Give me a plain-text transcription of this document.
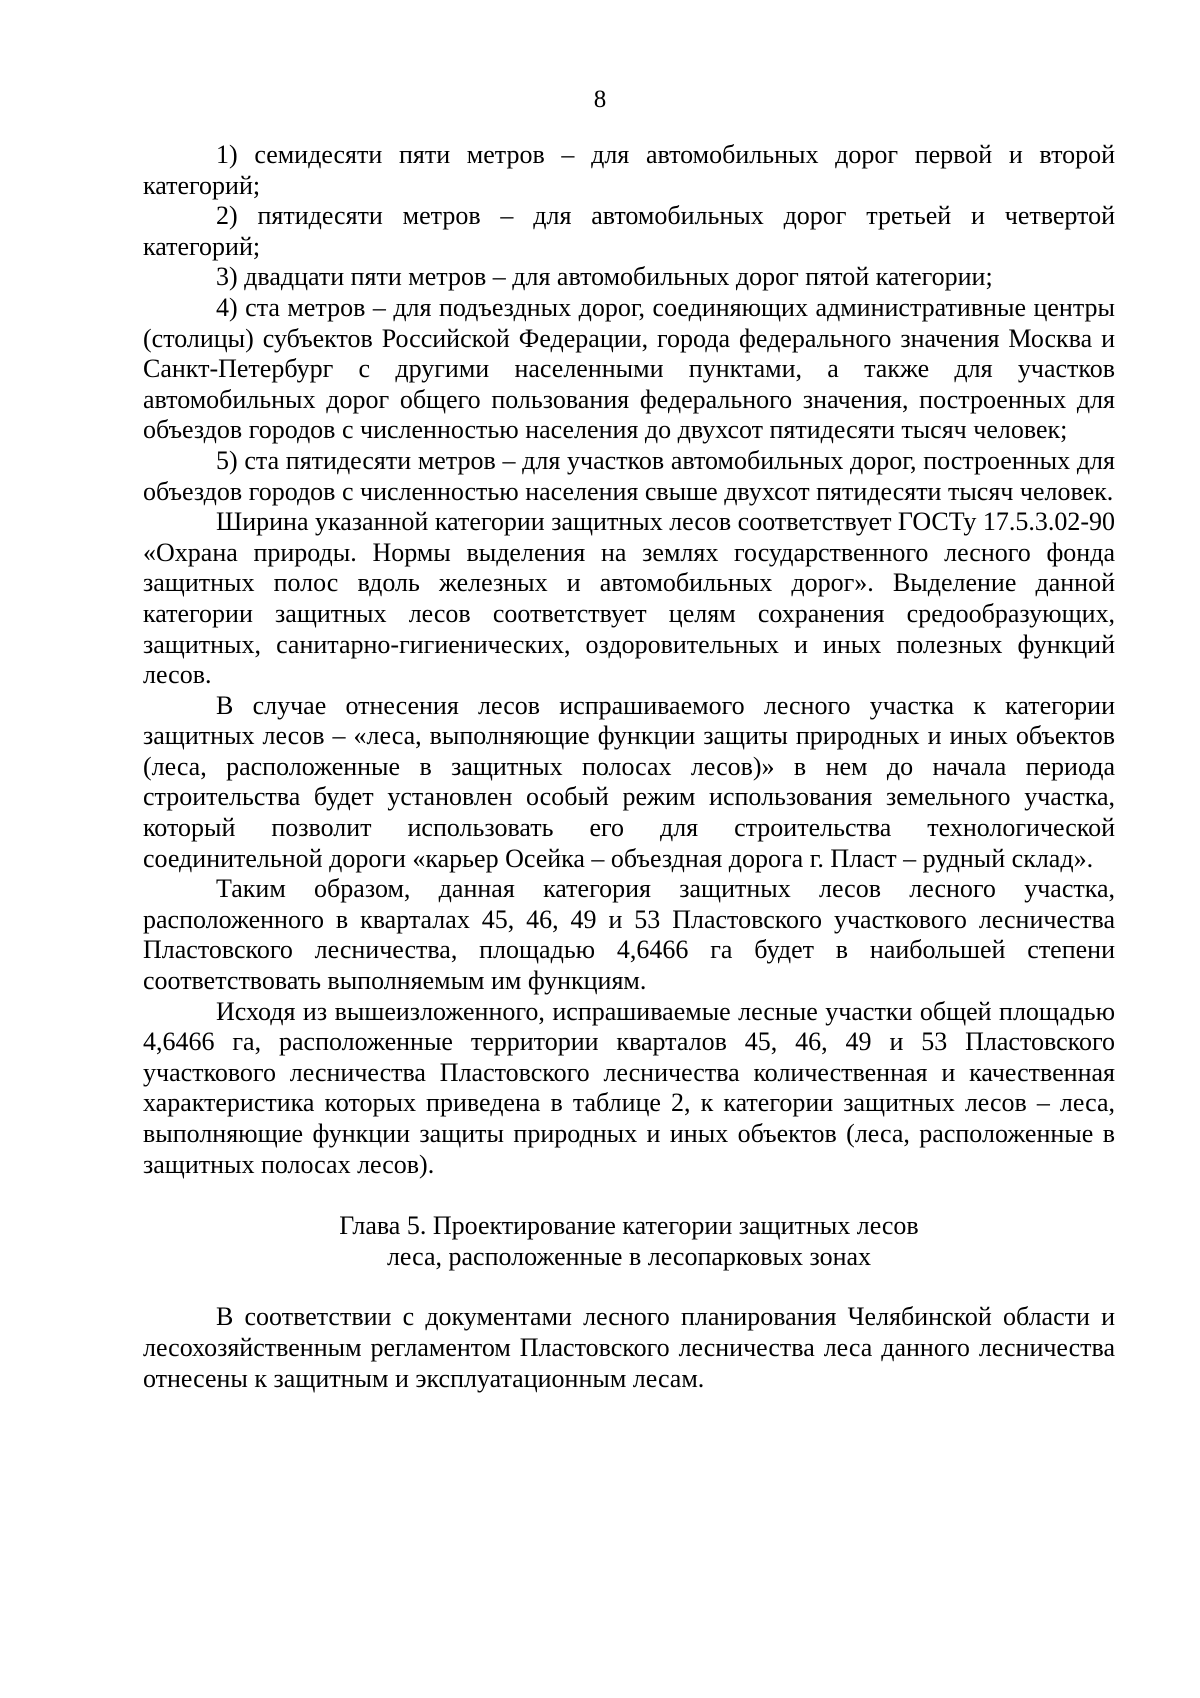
8

1) семидесяти пяти метров – для автомобильных дорог первой и второй категорий;

2) пятидесяти метров – для автомобильных дорог третьей и четвертой категорий;

3) двадцати пяти метров – для автомобильных дорог пятой категории;

4) ста метров – для подъездных дорог, соединяющих административные центры (столицы) субъектов Российской Федерации, города федерального значения Москва и Санкт-Петербург с другими населенными пунктами, а также для участков автомобильных дорог общего пользования федерального значения, построенных для объездов городов с численностью населения до двухсот пятидесяти тысяч человек;

5) ста пятидесяти метров – для участков автомобильных дорог, построенных для объездов городов с численностью населения свыше двухсот пятидесяти тысяч человек.

Ширина указанной категории защитных лесов соответствует ГОСТу 17.5.3.02-90 «Охрана природы. Нормы выделения на землях государственного лесного фонда защитных полос вдоль железных и автомобильных дорог». Выделение данной категории защитных лесов соответствует целям сохранения средообразующих, защитных, санитарно-гигиенических, оздоровительных и иных полезных функций лесов.

В случае отнесения лесов испрашиваемого лесного участка к категории защитных лесов – «леса, выполняющие функции защиты природных и иных объектов (леса, расположенные в защитных полосах лесов)» в нем до начала периода строительства будет установлен особый режим использования земельного участка, который позволит использовать его для строительства технологической соединительной дороги «карьер Осейка – объездная дорога г. Пласт – рудный склад».

Таким образом, данная категория защитных лесов лесного участка, расположенного в кварталах 45, 46, 49 и 53 Пластовского участкового лесничества Пластовского лесничества, площадью 4,6466 га будет в наибольшей степени соответствовать выполняемым им функциям.

Исходя из вышеизложенного, испрашиваемые лесные участки общей площадью 4,6466 га, расположенные территории кварталов 45, 46, 49 и 53 Пластовского участкового лесничества Пластовского лесничества количественная и качественная характеристика которых приведена в таблице 2, к категории защитных лесов – леса, выполняющие функции защиты природных и иных объектов (леса, расположенные в защитных полосах лесов).

Глава 5. Проектирование категории защитных лесов
леса, расположенные в лесопарковых зонах

В соответствии с документами лесного планирования Челябинской области и лесохозяйственным регламентом Пластовского лесничества леса данного лесничества отнесены к защитным и эксплуатационным лесам.
